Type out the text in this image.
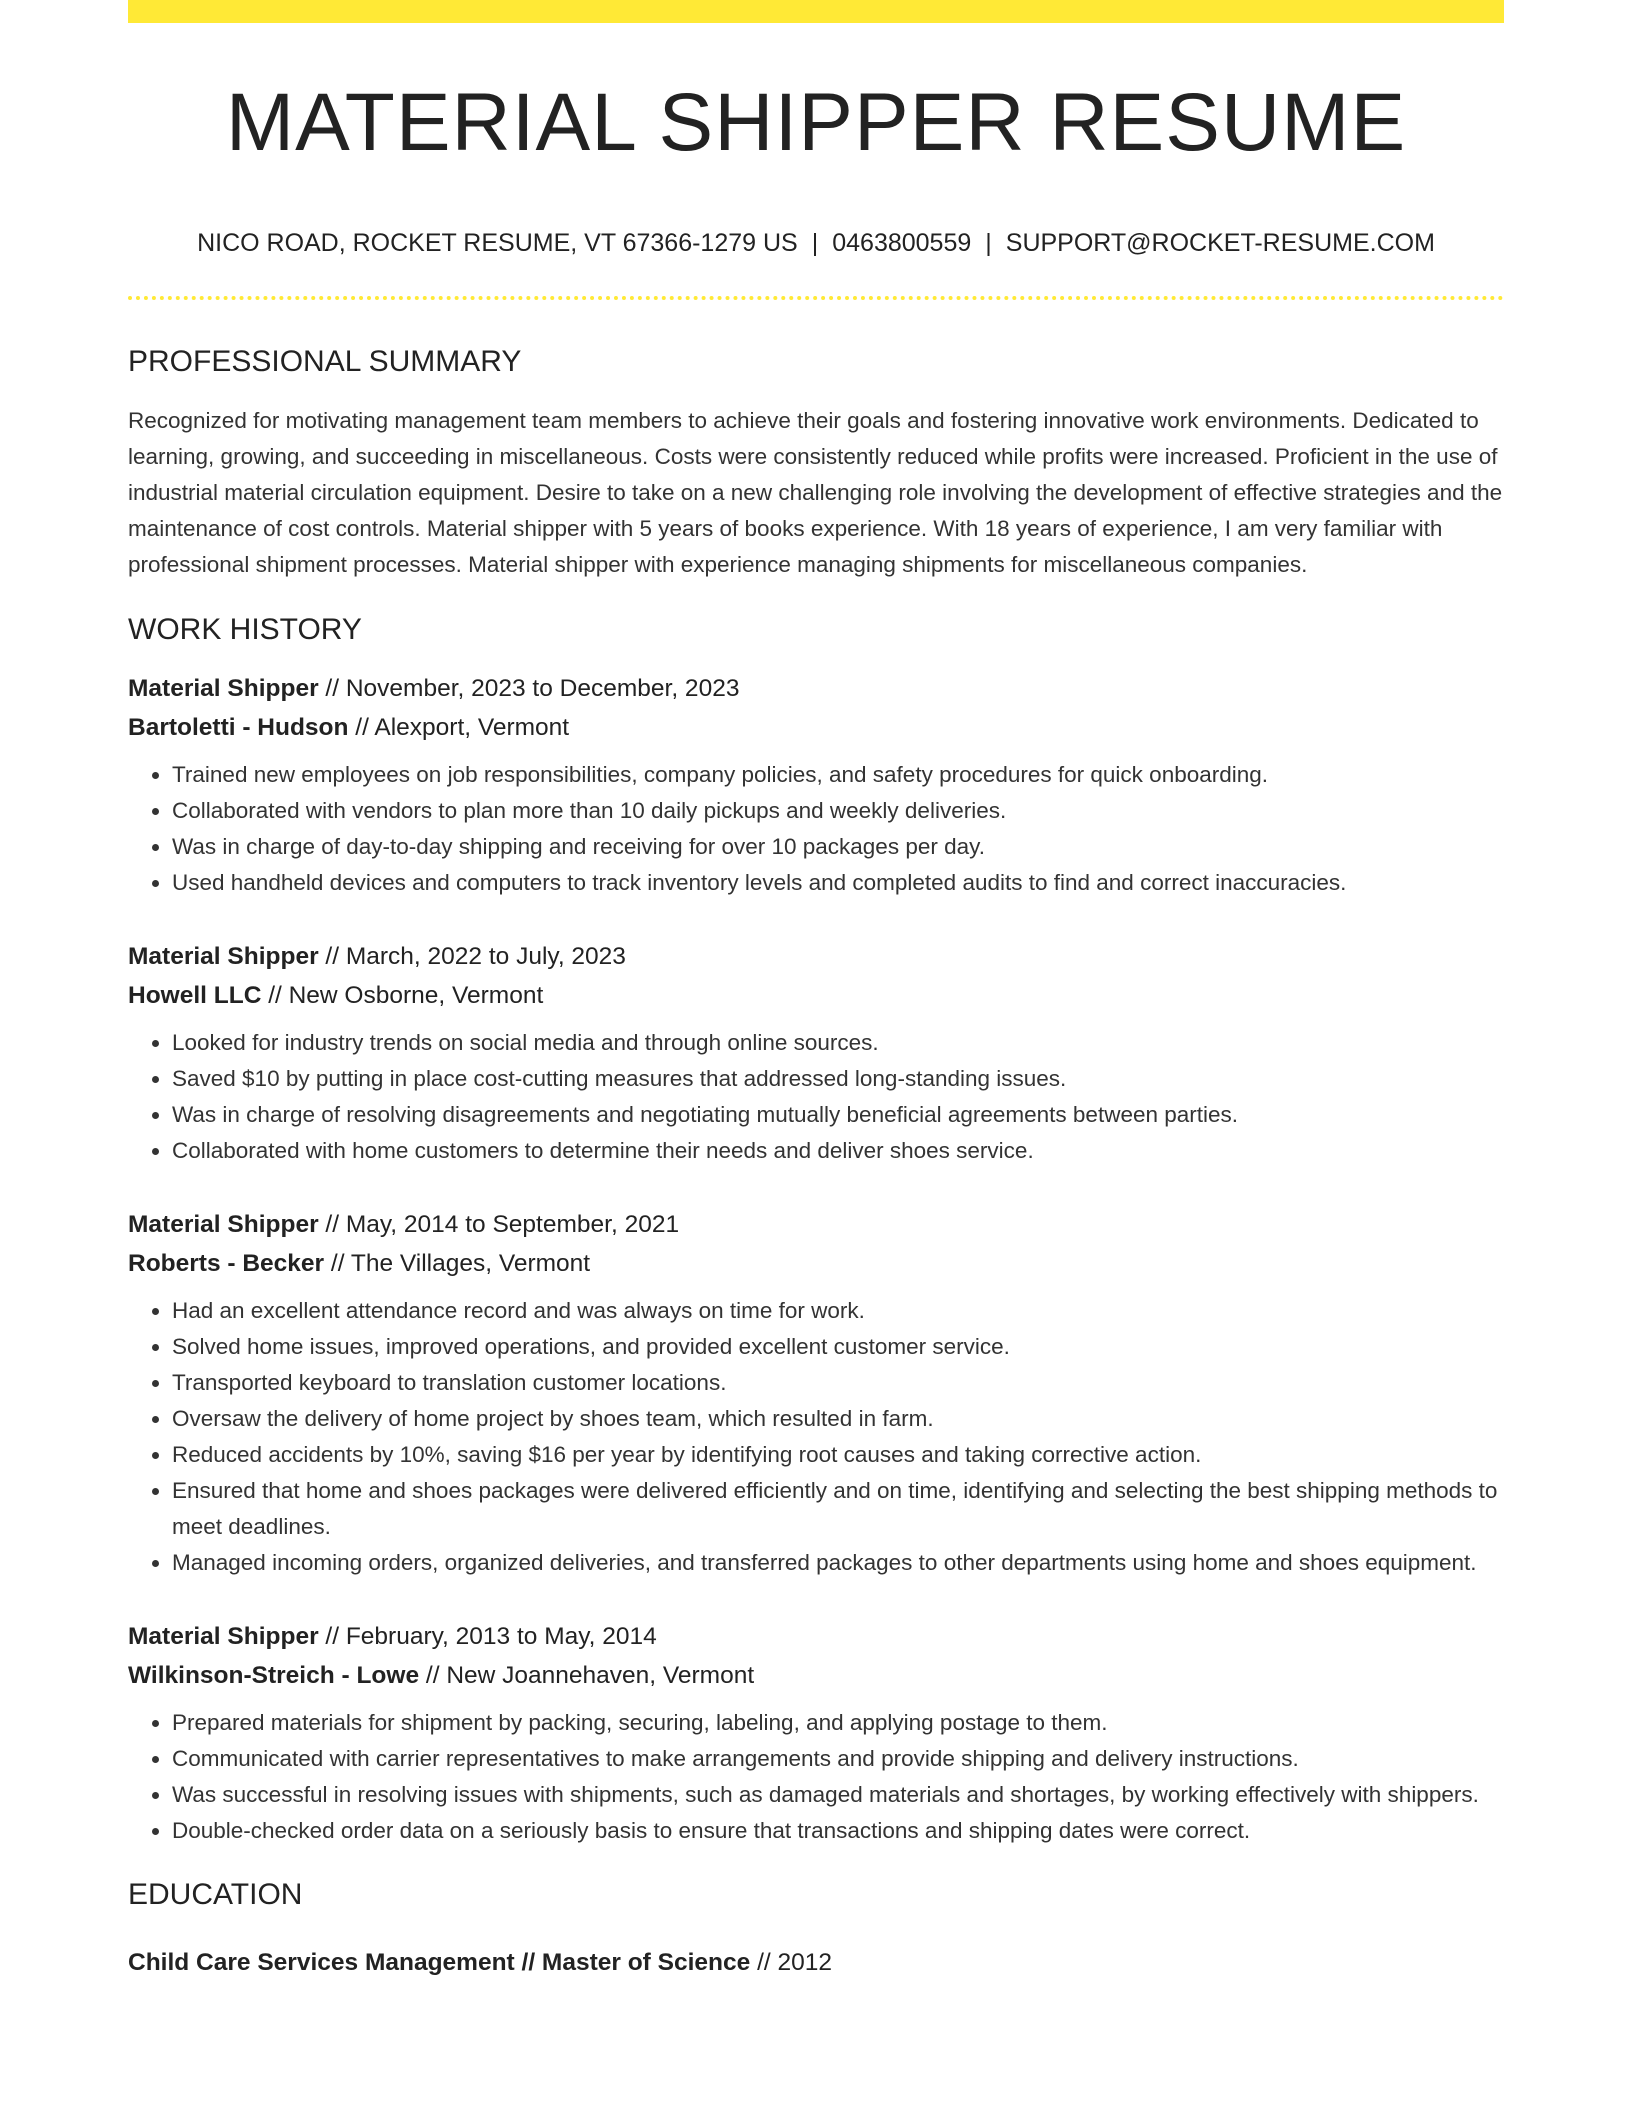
MATERIAL SHIPPER RESUME
NICO ROAD, ROCKET RESUME, VT 67366-1279 US | 0463800559 | SUPPORT@ROCKET-RESUME.COM
PROFESSIONAL SUMMARY

Recognized for motivating management team members to achieve their goals and fostering innovative work environments. Dedicated to learning, growing, and succeeding in miscellaneous. Costs were consistently reduced while profits were increased. Proficient in the use of industrial material circulation equipment. Desire to take on a new challenging role involving the development of effective strategies and the maintenance of cost controls. Material shipper with 5 years of books experience. With 18 years of experience, I am very familiar with professional shipment processes. Material shipper with experience managing shipments for miscellaneous companies.

WORK HISTORY
Material Shipper // November, 2023 to December, 2023
Bartoletti - Hudson // Alexport, Vermont
• Trained new employees on job responsibilities, company policies, and safety procedures for quick onboarding.
• Collaborated with vendors to plan more than 10 daily pickups and weekly deliveries.
• Was in charge of day-to-day shipping and receiving for over 10 packages per day.
• Used handheld devices and computers to track inventory levels and completed audits to find and correct inaccuracies.
Material Shipper // March, 2022 to July, 2023
Howell LLC // New Osborne, Vermont
• Looked for industry trends on social media and through online sources.
• Saved $10 by putting in place cost-cutting measures that addressed long-standing issues.
• Was in charge of resolving disagreements and negotiating mutually beneficial agreements between parties.
• Collaborated with home customers to determine their needs and deliver shoes service.
Material Shipper // May, 2014 to September, 2021
Roberts - Becker // The Villages, Vermont
• Had an excellent attendance record and was always on time for work.
• Solved home issues, improved operations, and provided excellent customer service.
• Transported keyboard to translation customer locations.
• Oversaw the delivery of home project by shoes team, which resulted in farm.
• Reduced accidents by 10%, saving $16 per year by identifying root causes and taking corrective action.
• Ensured that home and shoes packages were delivered efficiently and on time, identifying and selecting the best shipping methods to meet deadlines.
• Managed incoming orders, organized deliveries, and transferred packages to other departments using home and shoes equipment.
Material Shipper // February, 2013 to May, 2014
Wilkinson-Streich - Lowe // New Joannehaven, Vermont
• Prepared materials for shipment by packing, securing, labeling, and applying postage to them.
• Communicated with carrier representatives to make arrangements and provide shipping and delivery instructions.
• Was successful in resolving issues with shipments, such as damaged materials and shortages, by working effectively with shippers.
• Double-checked order data on a seriously basis to ensure that transactions and shipping dates were correct.
EDUCATION
Child Care Services Management // Master of Science // 2012
